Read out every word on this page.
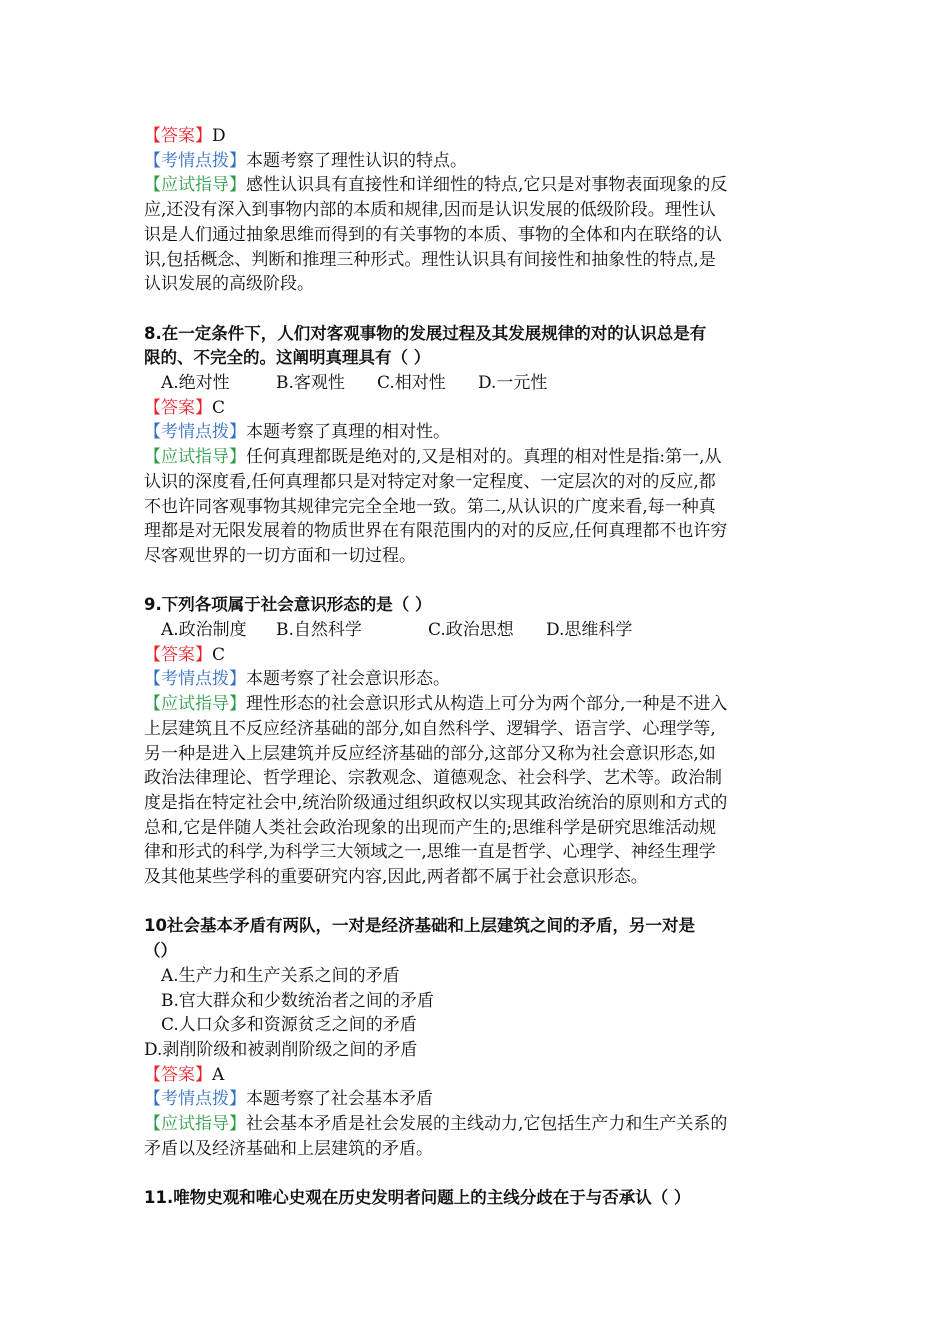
【答案】D
【考情点拨】本题考察了理性认识的特点。
【应试指导】感性认识具有直接性和详细性的特点,它只是对事物表面现象的反
应,还没有深入到事物内部的本质和规律,因而是认识发展的低级阶段。理性认
识是人们通过抽象思维而得到的有关事物的本质、事物的全体和内在联络的认
识,包括概念、判断和推理三种形式。理性认识具有间接性和抽象性的特点,是
认识发展的高级阶段。
8.在一定条件下，人们对客观事物的发展过程及其发展规律的对的认识总是有
限的、不完全的。这阐明真理具有（ ）
A.绝对性	B.客观性 C.相对性 D.一元性
【答案】C
【考情点拨】本题考察了真理的相对性。
【应试指导】任何真理都既是绝对的,又是相对的。真理的相对性是指:第一,从
认识的深度看,任何真理都只是对特定对象一定程度、一定层次的对的反应,都
不也许同客观事物其规律完完全全地一致。第二,从认识的广度来看,每一种真
理都是对无限发展着的物质世界在有限范围内的对的反应,任何真理都不也许穷
尽客观世界的一切方面和一切过程。
9.下列各项属于社会意识形态的是（ ）
A.政治制度 B.自然科学	C.政治思想 D.思维科学
【答案】C
【考情点拨】本题考察了社会意识形态。
【应试指导】理性形态的社会意识形式从构造上可分为两个部分,一种是不进入
上层建筑且不反应经济基础的部分,如自然科学、逻辑学、语言学、心理学等,
另一种是进入上层建筑并反应经济基础的部分,这部分又称为社会意识形态,如
政治法律理论、哲学理论、宗教观念、道德观念、社会科学、艺术等。政治制
度是指在特定社会中,统治阶级通过组织政权以实现其政治统治的原则和方式的
总和,它是伴随人类社会政治现象的出现而产生的;思维科学是研究思维活动规
律和形式的科学,为科学三大领域之一,思维一直是哲学、心理学、神经生理学
及其他某些学科的重要研究内容,因此,两者都不属于社会意识形态。
10社会基本矛盾有两队，一对是经济基础和上层建筑之间的矛盾，另一对是
（）
A.生产力和生产关系之间的矛盾
B.官大群众和少数统治者之间的矛盾
C.人口众多和资源贫乏之间的矛盾
D.剥削阶级和被剥削阶级之间的矛盾
【答案】A
【考情点拨】本题考察了社会基本矛盾
【应试指导】社会基本矛盾是社会发展的主线动力,它包括生产力和生产关系的
矛盾以及经济基础和上层建筑的矛盾。
11.唯物史观和唯心史观在历史发明者问题上的主线分歧在于与否承认（ ）
